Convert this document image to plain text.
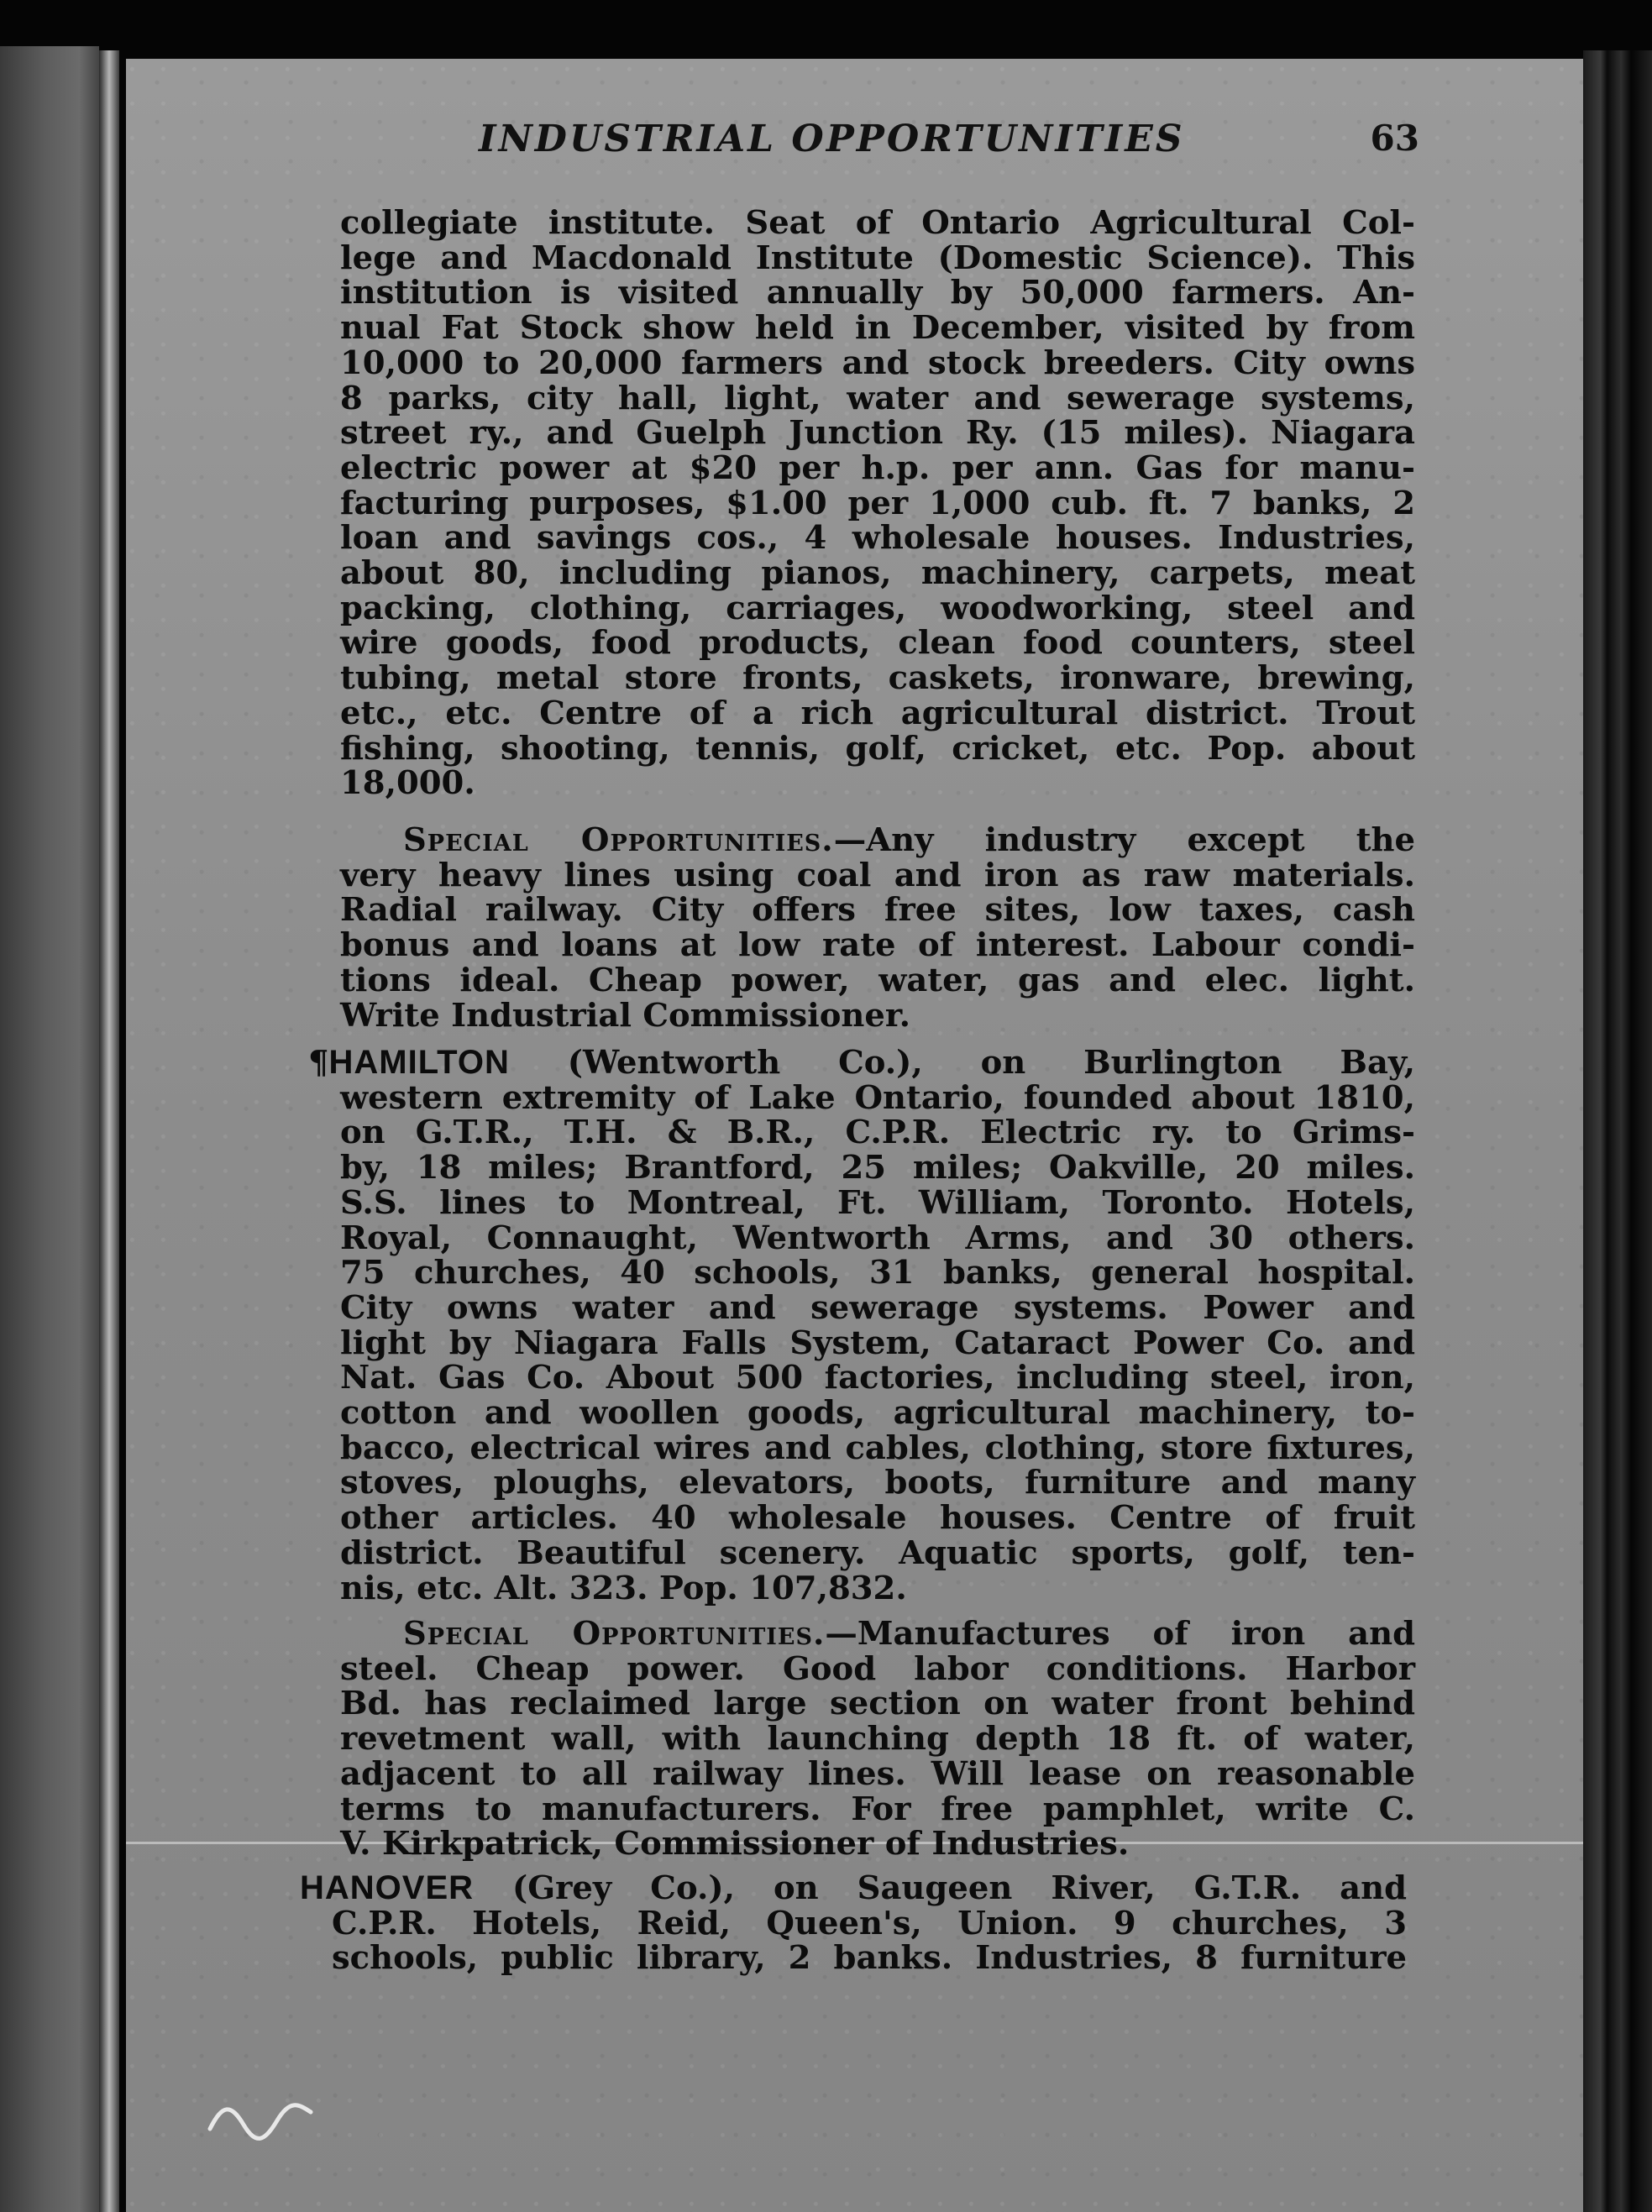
INDUSTRIAL OPPORTUNITIES	63
collegiate institute. Seat of Ontario Agricultural Col-
lege and Macdonald Institute (Domestic Science). This
institution is visited annually by 50,000 farmers. An-
nual Fat Stock show held in December, visited by from
10,000 to 20,000 farmers and stock breeders. City owns
8 parks, city hall, light, water and sewerage systems,
street ry., and Guelph Junction Ry. (15 miles). Niagara
electric power at $20 per h.p. per ann. Gas for manu-
facturing purposes, $1.00 per 1,000 cub. ft. 7 banks, 2
loan and savings cos., 4 wholesale houses. Industries,
about 80, including pianos, machinery, carpets, meat
packing, clothing, carriages, woodworking, steel and
wire goods, food products, clean food counters, steel
tubing, metal store fronts, caskets, ironware, brewing,
etc., etc. Centre of a rich agricultural district. Trout
fishing, shooting, tennis, golf, cricket, etc. Pop. about
18,000.
Special Opportunities.—Any industry except the
very heavy lines using coal and iron as raw materials.
Radial railway. City offers free sites, low taxes, cash
bonus and loans at low rate of interest. Labour condi-
tions ideal. Cheap power, water, gas and elec. light.
Write Industrial Commissioner.
¶HAMILTON (Wentworth Co.), on Burlington Bay,
western extremity of Lake Ontario, founded about 1810,
on G.T.R., T.H. & B.R., C.P.R. Electric ry. to Grims-
by, 18 miles; Brantford, 25 miles; Oakville, 20 miles.
S.S. lines to Montreal, Ft. William, Toronto. Hotels,
Royal, Connaught, Wentworth Arms, and 30 others.
75 churches, 40 schools, 31 banks, general hospital.
City owns water and sewerage systems. Power and
light by Niagara Falls System, Cataract Power Co. and
Nat. Gas Co. About 500 factories, including steel, iron,
cotton and woollen goods, agricultural machinery, to-
bacco, electrical wires and cables, clothing, store fixtures,
stoves, ploughs, elevators, boots, furniture and many
other articles. 40 wholesale houses. Centre of fruit
district. Beautiful scenery. Aquatic sports, golf, ten-
nis, etc. Alt. 323. Pop. 107,832.
Special Opportunities.—Manufactures of iron and
steel. Cheap power. Good labor conditions. Harbor
Bd. has reclaimed large section on water front behind
revetment wall, with launching depth 18 ft. of water,
adjacent to all railway lines. Will lease on reasonable
terms to manufacturers. For free pamphlet, write C.
V. Kirkpatrick, Commissioner of Industries.
HANOVER (Grey Co.), on Saugeen River, G.T.R. and
C.P.R. Hotels, Reid, Queen's, Union. 9 churches, 3
schools, public library, 2 banks. Industries, 8 furniture
